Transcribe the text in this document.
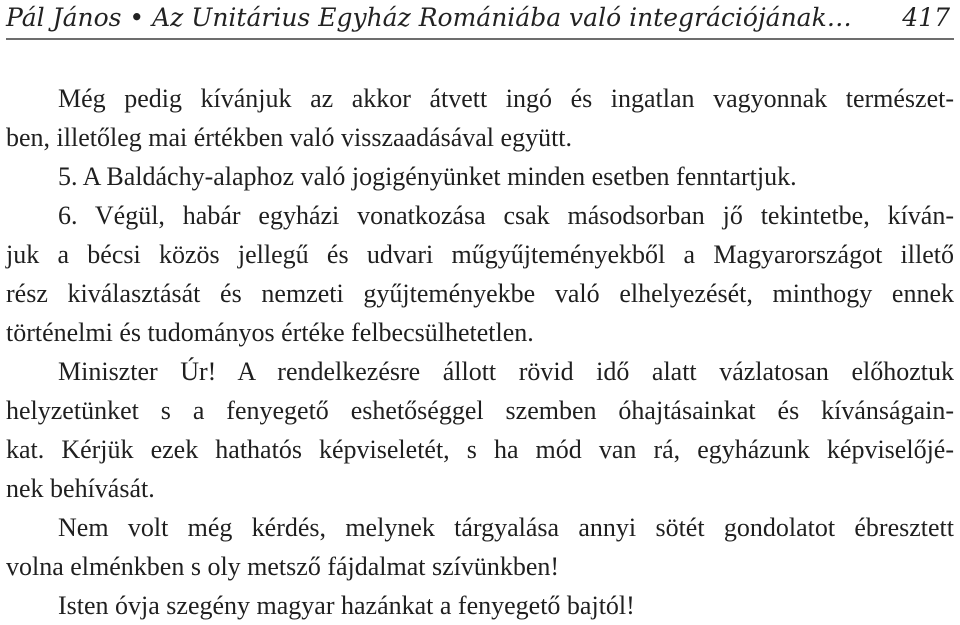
Pál János • Az Unitárius Egyház Romániába való integrációjának… 417
Még pedig kívánjuk az akkor átvett ingó és ingatlan vagyonnak természet-
ben, illetőleg mai értékben való visszaadásával együtt.
5. A Baldáchy-alaphoz való jogigényünket minden esetben fenntartjuk.
6. Végül, habár egyházi vonatkozása csak másodsorban jő tekintetbe, kíván-
juk a bécsi közös jellegű és udvari műgyűjteményekből a Magyarországot illető
rész kiválasztását és nemzeti gyűjteményekbe való elhelyezését, minthogy ennek
történelmi és tudományos értéke felbecsülhetetlen.
Miniszter Úr! A rendelkezésre állott rövid idő alatt vázlatosan előhoztuk
helyzetünket s a fenyegető eshetőséggel szemben óhajtásainkat és kívánságain-
kat. Kérjük ezek hathatós képviseletét, s ha mód van rá, egyházunk képviselőjé-
nek behívását.
Nem volt még kérdés, melynek tárgyalása annyi sötét gondolatot ébresztett
volna elménkben s oly metsző fájdalmat szívünkben!
Isten óvja szegény magyar hazánkat a fenyegető bajtól!
